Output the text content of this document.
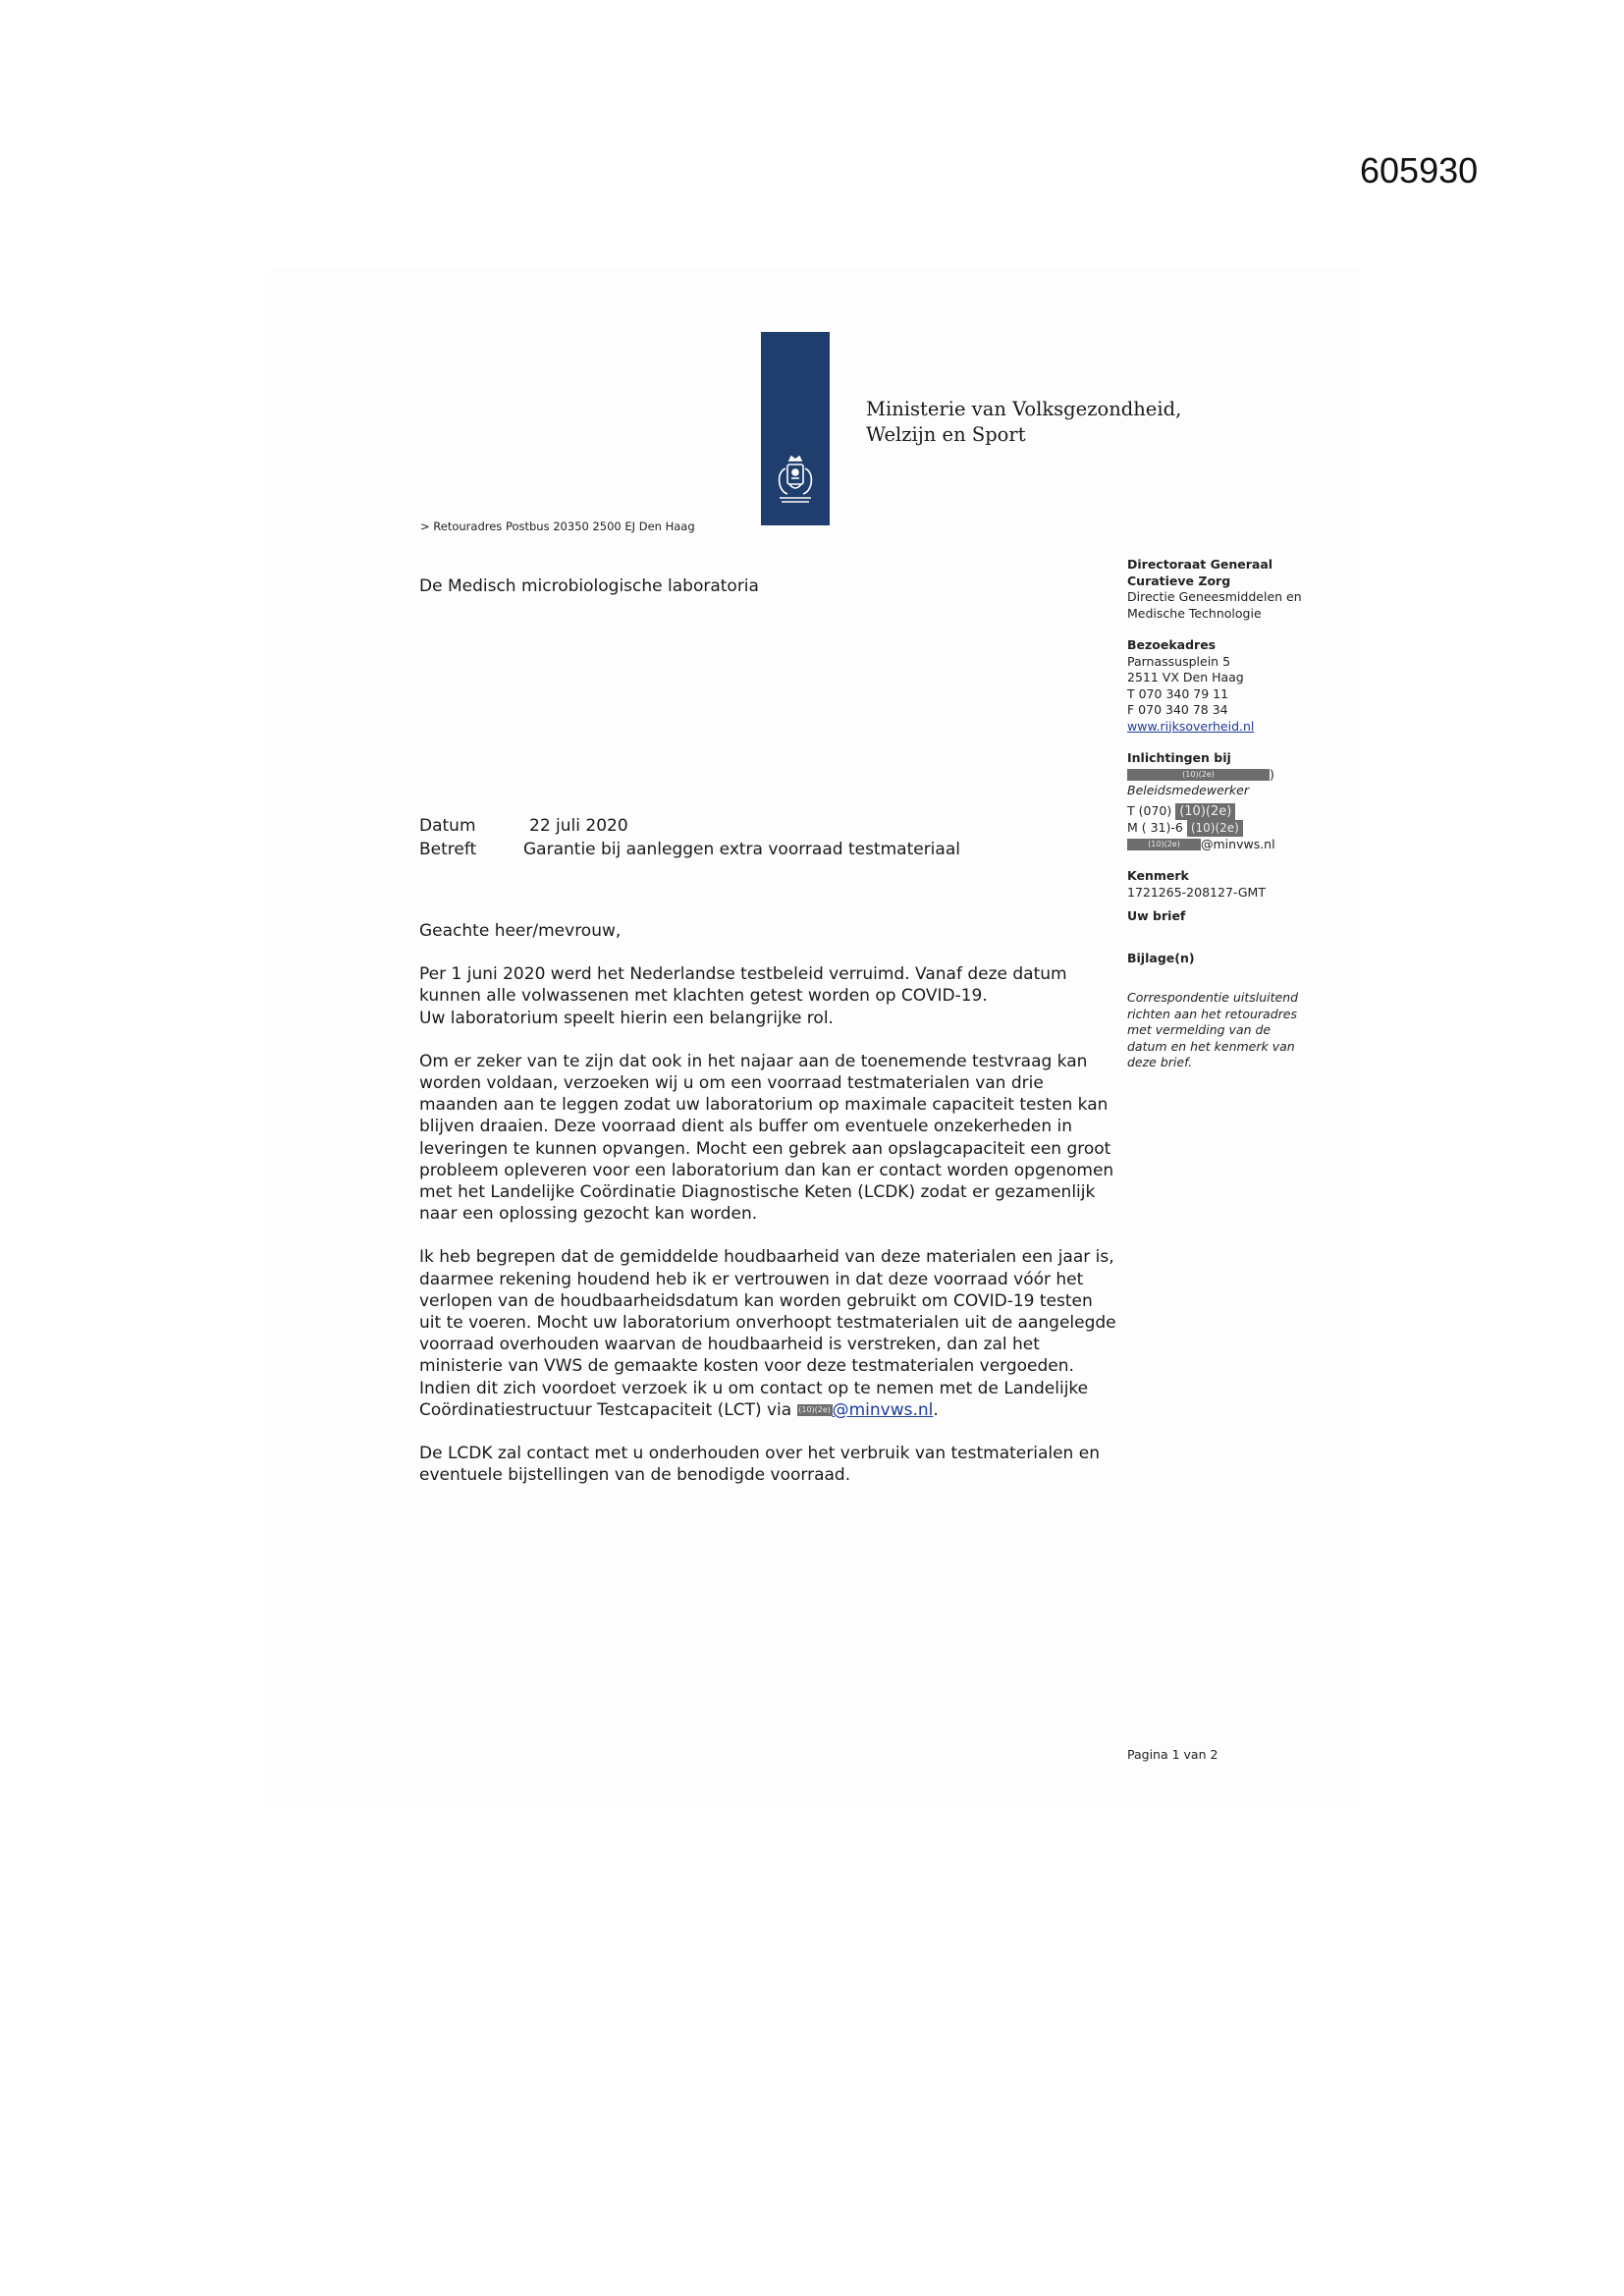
605930
Ministerie van Volksgezondheid,
Welzijn en Sport
> Retouradres Postbus 20350 2500 EJ Den Haag
De Medisch microbiologische laboratoria
Datum	22 juli 2020
Betreft	Garantie bij aanleggen extra voorraad testmateriaal

Geachte heer/mevrouw,

Per 1 juni 2020 werd het Nederlandse testbeleid verruimd. Vanaf deze datum
kunnen alle volwassenen met klachten getest worden op COVID-19.
Uw laboratorium speelt hierin een belangrijke rol.

Om er zeker van te zijn dat ook in het najaar aan de toenemende testvraag kan
worden voldaan, verzoeken wij u om een voorraad testmaterialen van drie
maanden aan te leggen zodat uw laboratorium op maximale capaciteit testen kan
blijven draaien. Deze voorraad dient als buffer om eventuele onzekerheden in
leveringen te kunnen opvangen. Mocht een gebrek aan opslagcapaciteit een groot
probleem opleveren voor een laboratorium dan kan er contact worden opgenomen
met het Landelijke Coördinatie Diagnostische Keten (LCDK) zodat er gezamenlijk
naar een oplossing gezocht kan worden.

Ik heb begrepen dat de gemiddelde houdbaarheid van deze materialen een jaar is,
daarmee rekening houdend heb ik er vertrouwen in dat deze voorraad vóór het
verlopen van de houdbaarheidsdatum kan worden gebruikt om COVID-19 testen
uit te voeren. Mocht uw laboratorium onverhoopt testmaterialen uit de aangelegde
voorraad overhouden waarvan de houdbaarheid is verstreken, dan zal het
ministerie van VWS de gemaakte kosten voor deze testmaterialen vergoeden.
Indien dit zich voordoet verzoek ik u om contact op te nemen met de Landelijke
Coördinatiestructuur Testcapaciteit (LCT) via (10)(2e)@minvws.nl.

De LCDK zal contact met u onderhouden over het verbruik van testmaterialen en
eventuele bijstellingen van de benodigde voorraad.

Directoraat Generaal
Curatieve Zorg
Directie Geneesmiddelen en
Medische Technologie
Bezoekadres
Parnassusplein 5
2511 VX Den Haag
T 070 340 79 11
F 070 340 78 34
www.rijksoverheid.nl
Inlichtingen bij
(10)(2e)	)
Beleidsmedewerker
T (070) (10)(2e)
M ( 31)-6 (10)(2e)
(10)(2e) @minvws.nl
Kenmerk
1721265-208127-GMT
Uw brief
Bijlage(n)
Correspondentie uitsluitend
richten aan het retouradres
met vermelding van de
datum en het kenmerk van
deze brief.
Pagina 1 van 2
